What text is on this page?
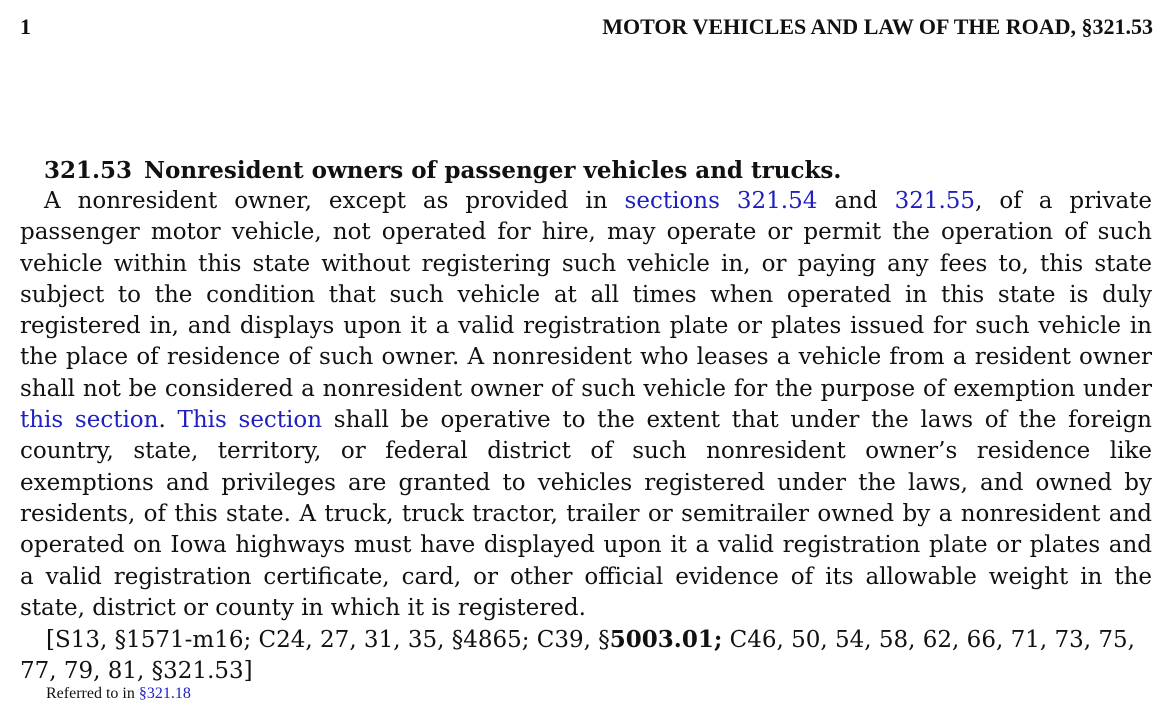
1	MOTOR VEHICLES AND LAW OF THE ROAD, §321.53
321.53 Nonresident owners of passenger vehicles and trucks.

A nonresident owner, except as provided in sections 321.54 and 321.55, of a private passenger motor vehicle, not operated for hire, may operate or permit the operation of such vehicle within this state without registering such vehicle in, or paying any fees to, this state subject to the condition that such vehicle at all times when operated in this state is duly registered in, and displays upon it a valid registration plate or plates issued for such vehicle in the place of residence of such owner. A nonresident who leases a vehicle from a resident owner shall not be considered a nonresident owner of such vehicle for the purpose of exemption under this section. This section shall be operative to the extent that under the laws of the foreign country, state, territory, or federal district of such nonresident owner’s residence like exemptions and privileges are granted to vehicles registered under the laws, and owned by residents, of this state. A truck, truck tractor, trailer or semitrailer owned by a nonresident and operated on Iowa highways must have displayed upon it a valid registration plate or plates and a valid registration certificate, card, or other official evidence of its allowable weight in the state, district or county in which it is registered.

[S13, §1571-m16; C24, 27, 31, 35, §4865; C39, §5003.01; C46, 50, 54, 58, 62, 66, 71, 73, 75, 77, 79, 81, §321.53]

Referred to in §321.18
